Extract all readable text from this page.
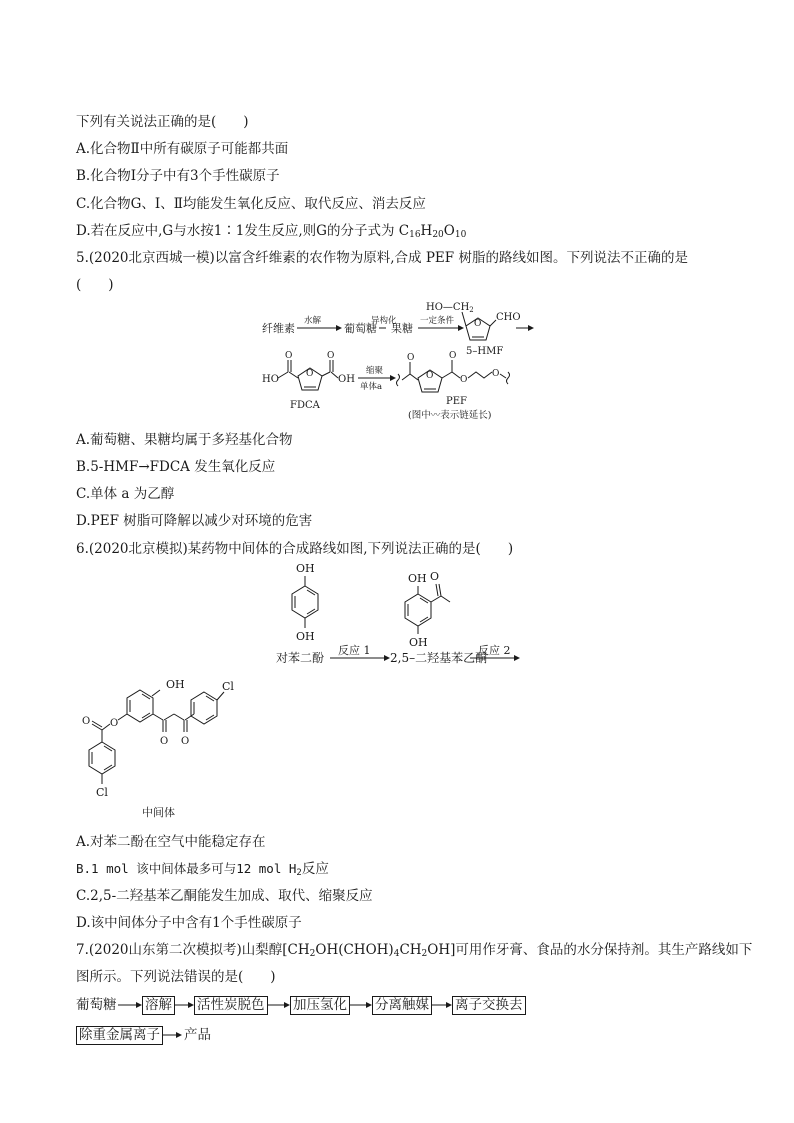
下列有关说法正确的是(　　)
A.化合物Ⅱ中所有碳原子可能都共面
B.化合物Ⅰ分子中有3个手性碳原子
C.化合物G、Ⅰ、Ⅱ均能发生氧化反应、取代反应、消去反应
D.若在反应中,G与水按1∶1发生反应,则G的分子式为 $C_{16}H_{20}O_{10}$
5.(2020北京西城一模)以富含纤维素的农作物为原料,合成 PEF 树脂的路线如图。下列说法不正确的是
(　　)
纤维素
水解
葡萄糖
异构化
果糖
一定条件
$HO—CH_2$
O
CHO
5–HMF
HO
O
O
O
OH
FDCA
缩聚
单体a
O
O
O
O
O
PEF
(图中〰表示链延长)
A.葡萄糖、果糖均属于多羟基化合物
B.5-HMF→FDCA 发生氧化反应
C.单体 a 为乙醇
D.PEF 树脂可降解以减少对环境的危害
6.(2020北京模拟)某药物中间体的合成路线如图,下列说法正确的是(　　)
OH
OH
对苯二酚
反应 1
OH O
OH
2,5–二羟基苯乙酮
反应 2
OH
O O
Cl
O
O
Cl
中间体
A.对苯二酚在空气中能稳定存在
B.1 mol 该中间体最多可与12 mol $H_2$反应
C.2,5-二羟基苯乙酮能发生加成、取代、缩聚反应
D.该中间体分子中含有1个手性碳原子
7.(2020山东第二次模拟考)山梨醇$[CH_2OH(CHOH)_4CH_2OH]$可用作牙膏、食品的水分保持剂。其生产路线如下
图所示。下列说法错误的是(　　)
葡萄糖 溶解 活性炭脱色 加压氢化 分离触媒 离子交换去
除重金属离子 产品
